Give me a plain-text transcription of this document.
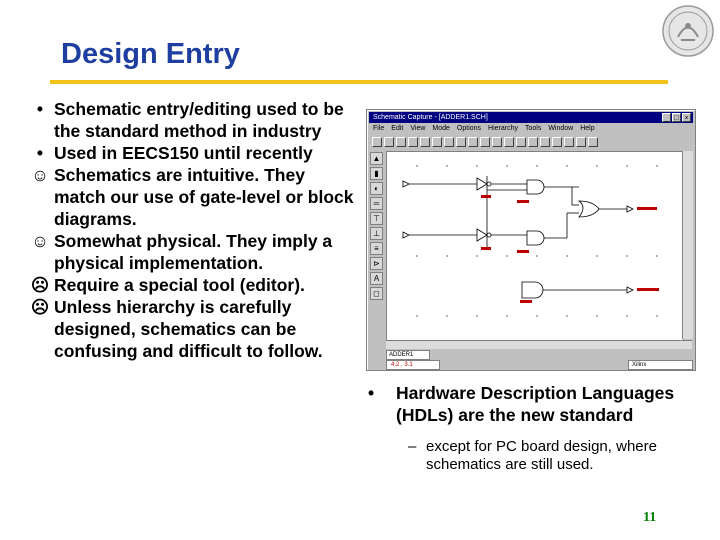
Design Entry
• Schematic entry/editing used to be the standard method in industry
• Used in EECS150 until recently
☺ Schematics are intuitive. They match our use of gate-level or block diagrams.
☺ Somewhat physical. They imply a physical implementation.
☹ Require a special tool (editor).
☹ Unless hierarchy is carefully designed, schematics can be confusing and difficult to follow.
Schematic Capture - [ADDER1.SCH]	_ □ ×
File Edit View Mode Options Hierarchy Tools Window Help
▲
▮
◐
═
⊤
⊥
≡
⊳
A
◻
ADDER1
4.2 , 3.1	Xilinx
• Hardware Description Languages (HDLs) are the new standard
– except for PC board design, where schematics are still used.
11
